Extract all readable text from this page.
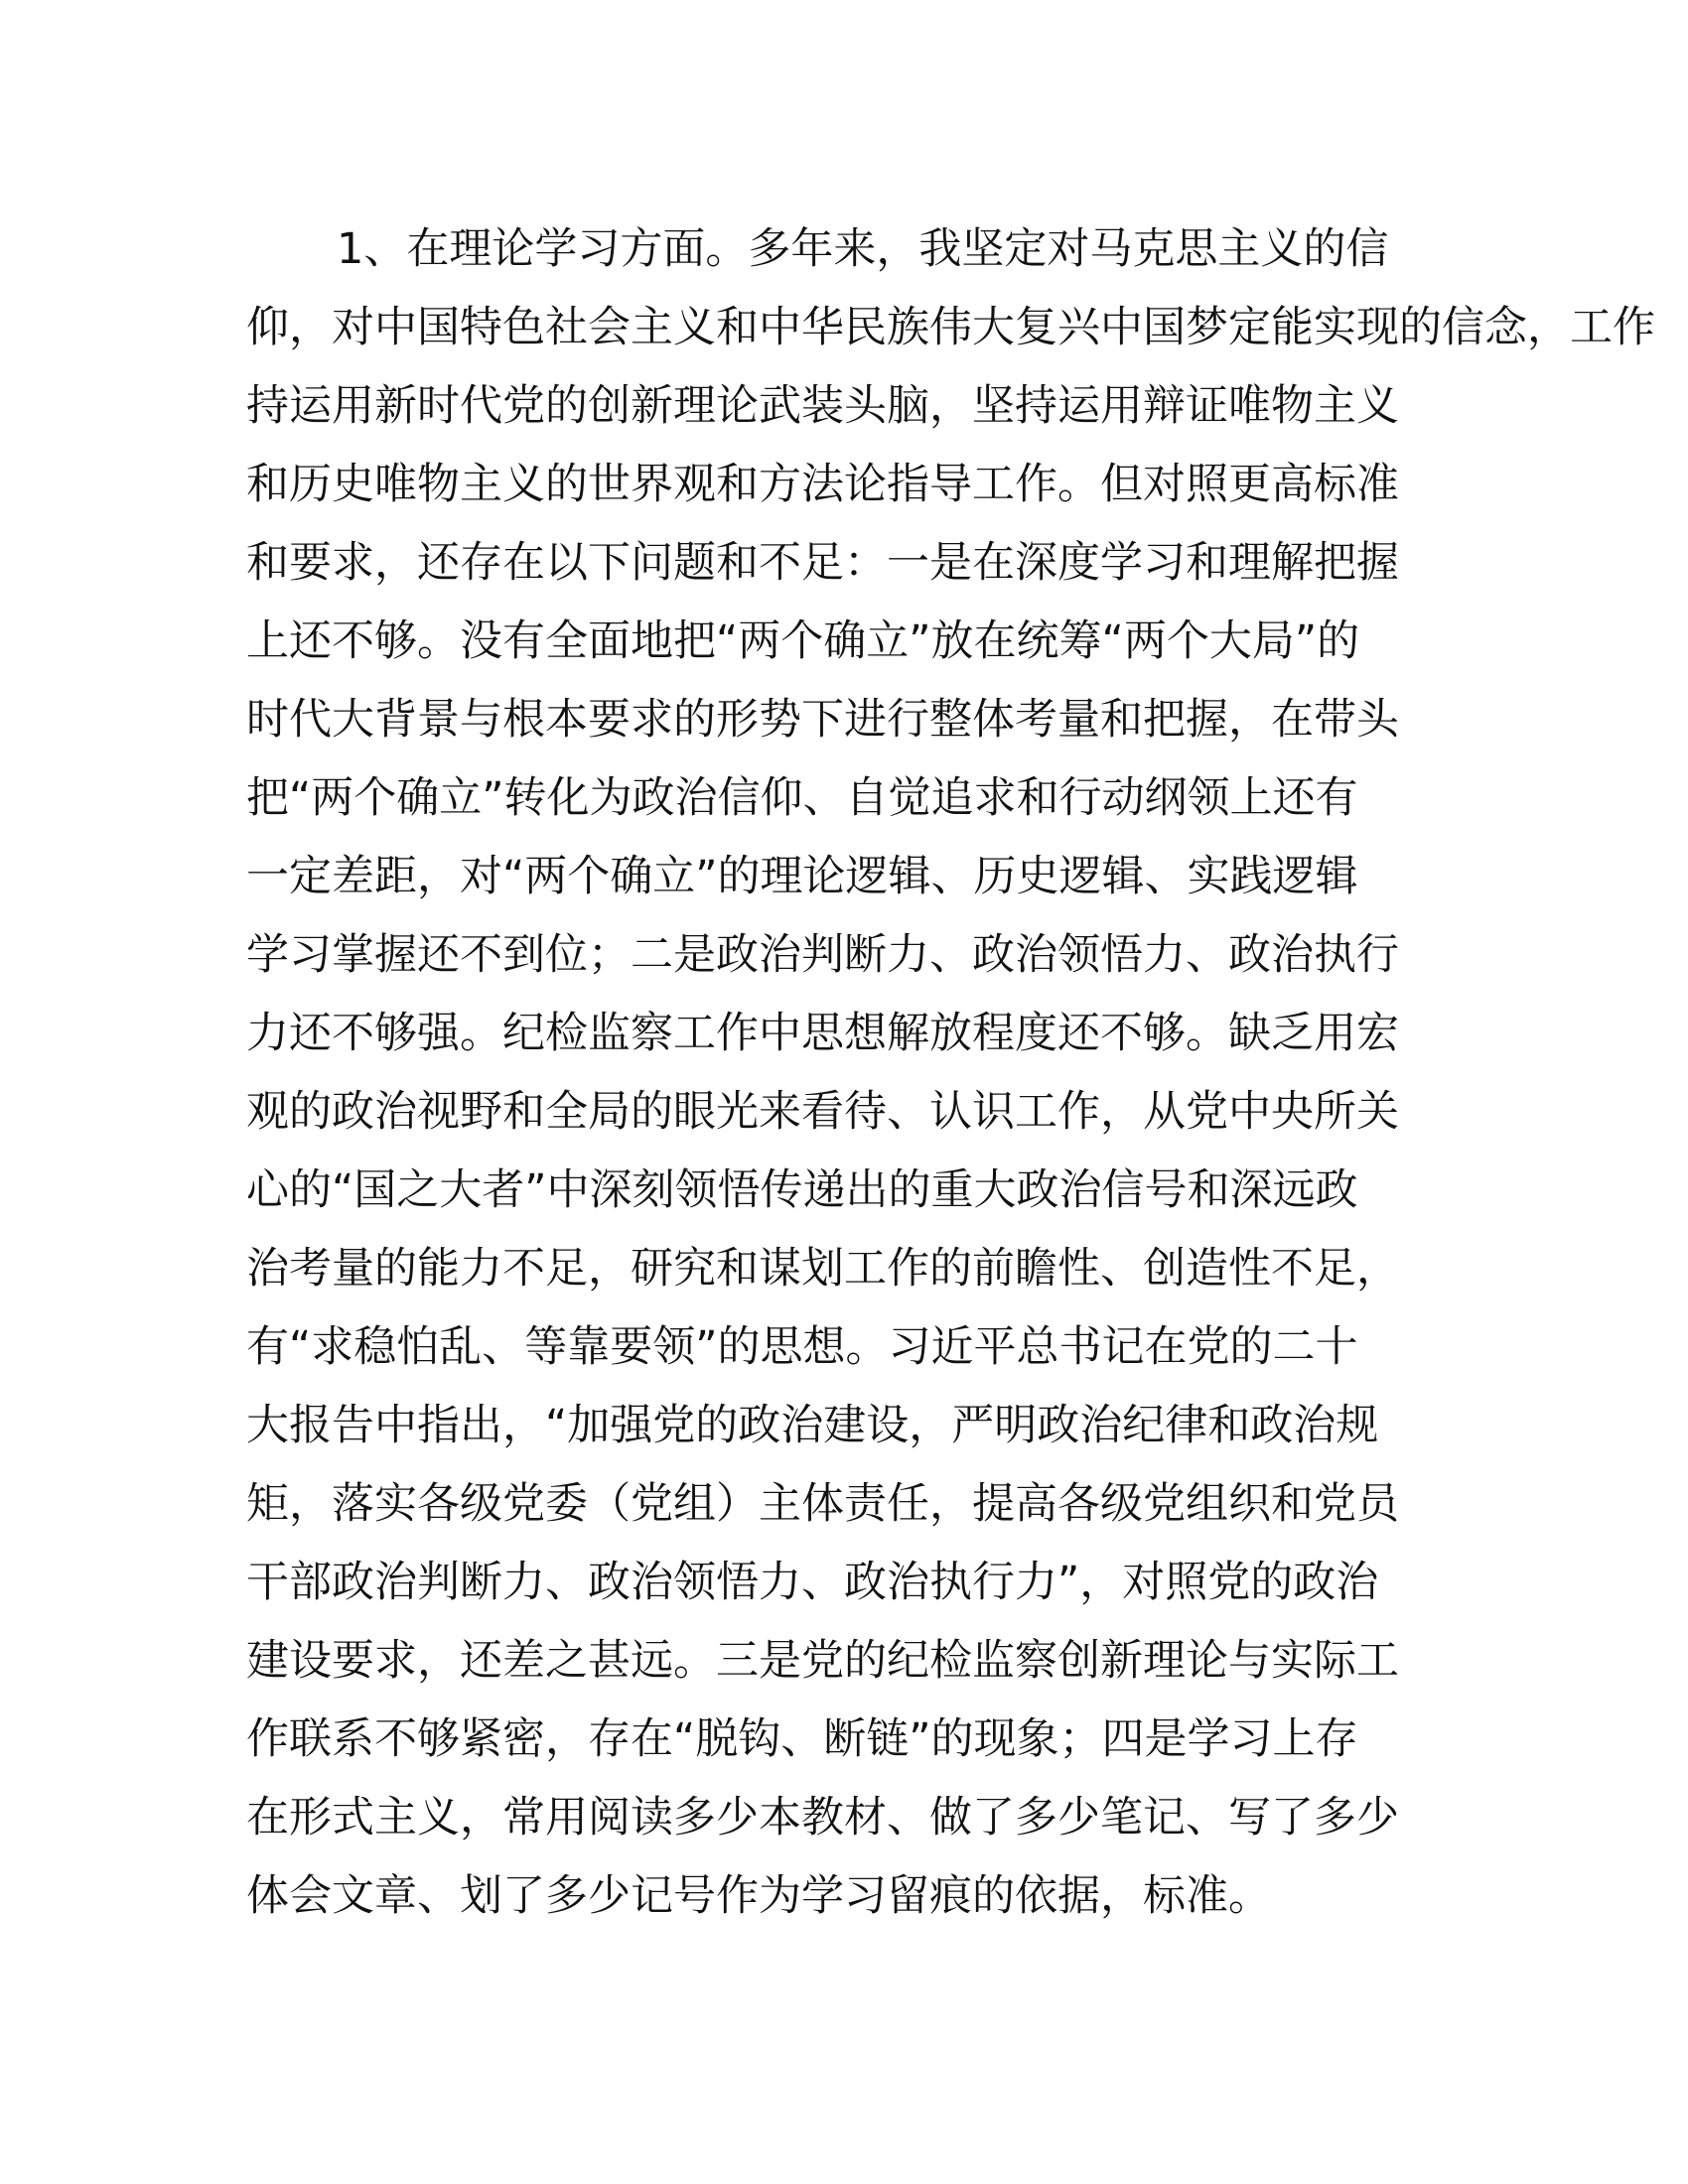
1、在理论学习方面。多年来，我坚定对马克思主义的信
仰，对中国特色社会主义和中华民族伟大复兴中国梦定能实现的信念，工作
持运用新时代党的创新理论武装头脑，坚持运用辩证唯物主义
和历史唯物主义的世界观和方法论指导工作。但对照更高标准
和要求，还存在以下问题和不足：一是在深度学习和理解把握
上还不够。没有全面地把“两个确立”放在统筹“两个大局”的
时代大背景与根本要求的形势下进行整体考量和把握，在带头
把“两个确立”转化为政治信仰、自觉追求和行动纲领上还有
一定差距，对“两个确立”的理论逻辑、历史逻辑、实践逻辑
学习掌握还不到位；二是政治判断力、政治领悟力、政治执行
力还不够强。纪检监察工作中思想解放程度还不够。缺乏用宏
观的政治视野和全局的眼光来看待、认识工作，从党中央所关
心的“国之大者”中深刻领悟传递出的重大政治信号和深远政
治考量的能力不足，研究和谋划工作的前瞻性、创造性不足，
有“求稳怕乱、等靠要领”的思想。习近平总书记在党的二十
大报告中指出，“加强党的政治建设，严明政治纪律和政治规
矩，落实各级党委（党组）主体责任，提高各级党组织和党员
干部政治判断力、政治领悟力、政治执行力”，对照党的政治
建设要求，还差之甚远。三是党的纪检监察创新理论与实际工
作联系不够紧密，存在“脱钩、断链”的现象；四是学习上存
在形式主义，常用阅读多少本教材、做了多少笔记、写了多少
体会文章、划了多少记号作为学习留痕的依据，标准。
